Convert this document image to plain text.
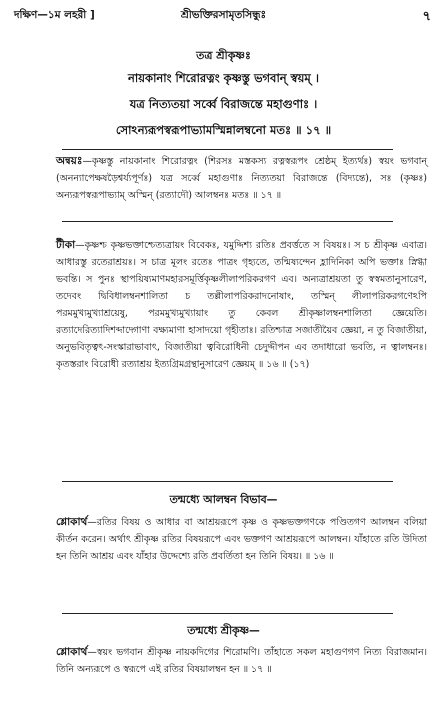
দক্ষিণ—১ম লহরী ]	শ্রীভক্তিরসামৃতসিন্ধুঃ	৭
তত্র শ্রীকৃষ্ণঃ
নায়কানাং শিরোরত্নং কৃষ্ণস্তু ভগবান্ স্বয়ম্ ।
যত্র নিত্যতয়া সর্ব্বে বিরাজন্তে মহাগুণাঃ ।
সোঽন্যরূপস্বরূপাভ্যামস্মিন্নালম্বনো মতঃ ॥ ১৭ ॥
অন্বয়ঃ—কৃষ্ণস্তু নায়কানাং শিরোরত্নং (শিরসঃ মস্তকস্য রত্নস্বরূপং শ্রেষ্ঠম্ ইত্যর্থঃ) স্বয়ং ভগবান্ (অনন্যাপেক্ষষড়ৈশ্বর্য্যপূর্ণঃ) যত্র সর্ব্বে মহাগুণাঃ নিত্যতয়া বিরাজন্তে (বিদ্যন্তে), সঃ (কৃষ্ণঃ) অন্যরূপস্বরূপাভ্যাম্ অস্মিন্ (রত্যাদৌ) আলম্বনঃ মতঃ ॥ ১৭ ॥
টীকা—কৃষ্ণশ্চ কৃষ্ণভক্তাশ্চেত্যত্রায়ং বিবেকঃ, যমুদ্দিশ্য রতিঃ প্রবর্ত্ততে স বিষয়ঃ। স চ শ্রীকৃষ্ণ এবাত্র। আধারস্তু রতেরাশ্রয়ঃ। স চাত্র মূলং রতেঃ পাত্রং গৃহ্যতে, তন্মিষ্যন্দেন হ্লাদিনিকা অপি ভক্তাঃ স্নিগ্ধা ভবন্তি। স পুনঃ স্থাপয়িষ্যমাণমহারসমূর্ত্তিকৃষ্ণলীলাপরিকরগণ এব। অন্যত্রাশ্রয়তা তু স্বস্বমতানুসারেণ, তদেবং দ্বিবিধালম্বনশালিতা চ তল্লীলাপরিকরাদনোষাং, তস্মিন্ লীলাপরিকরগণেঽপি পরমমুখ্যমুখ্যাশ্রয়েষু, পরমমুখ্যমুখ্যায়াং তু কেবল শ্রীকৃষ্ণালম্বনশালিতা জ্ঞেয়েতি। রত্যাদেরিত্যাদিশব্দাদ্গোণা বক্ষ্যমাণা হাসাদয়ো গৃহীতাঃ। রতিশ্চাত্র সজাতীয়ৈব জ্ঞেয়া, ন তু বিজাতীয়া, অনুভবিতৃত্বৎ-সংস্কারাভাবাৎ, বিজাতীয়া ত্ববিরোধিনী চেদুদ্দীপন এব তদাধারো ভবতি, ন ত্বালম্বনঃ। কৃতস্তরাং বিরোধী রত্যাশ্রয় ইত্যগ্রিমগ্রন্থানুসারেণ জ্ঞেয়ম্ ॥ ১৬ ॥ (১৭)
তন্মধ্যে আলম্বন বিভাব—
শ্লোকার্থ—রতির বিষয় ও আধার বা আশ্রয়রূপে কৃষ্ণ ও কৃষ্ণভক্তগণকে পণ্ডিতগণ আলম্বন বলিয়া কীর্তন করেন। অর্থাৎ শ্রীকৃষ্ণ রতির বিষয়রূপে এবং ভক্তগণ আশ্রয়রূপে আলম্বন। যাঁহাতে রতি উদিতা হন তিনি আশ্রয় এবং যাঁহার উদ্দেশ্যে রতি প্রবর্তিতা হন তিনি বিষয়। ॥ ১৬ ॥
তন্মধ্যে শ্রীকৃষ্ণ—
শ্লোকার্থ—স্বয়ং ভগবান শ্রীকৃষ্ণ নায়কদিগের শিরোমণি। তাঁহাতে সকল মহাগুণগণ নিত্য বিরাজমান। তিনি অন্যরূপে ও স্বরূপে এই রতির বিষয়ালম্বন হন ॥ ১৭ ॥
